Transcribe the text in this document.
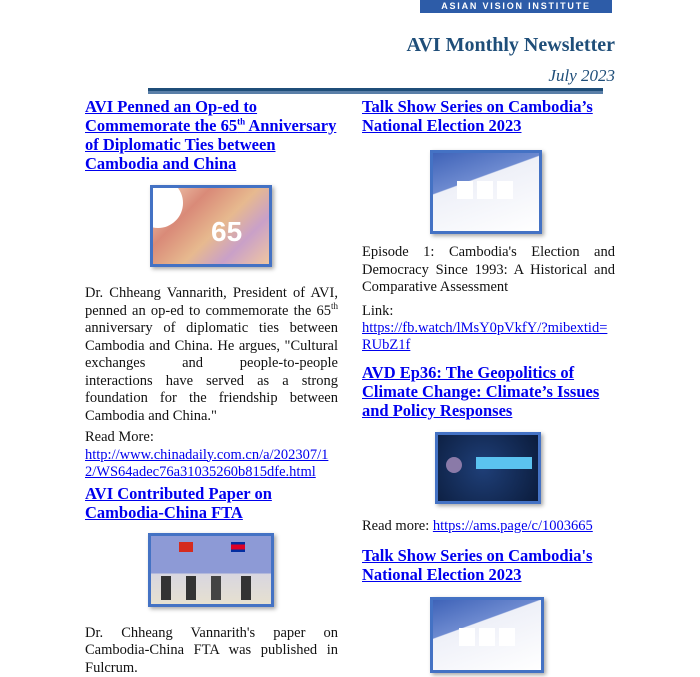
ASIAN VISION INSTITUTE
AVI Monthly Newsletter
July 2023
AVI Penned an Op-ed to Commemorate the 65th Anniversary of Diplomatic Ties between Cambodia and China
65
Dr. Chheang Vannarith, President of AVI, penned an op-ed to commemorate the 65th anniversary of diplomatic ties between Cambodia and China. He argues, "Cultural exchanges and people-to-people interactions have served as a strong foundation for the friendship between Cambodia and China."
Read More:
http://www.chinadaily.com.cn/a/202307/12/WS64adec76a31035260b815dfe.html
AVI Contributed Paper on Cambodia-China FTA
Dr. Chheang Vannarith's paper on Cambodia-China FTA was published in Fulcrum.
Talk Show Series on Cambodia’s National Election 2023
Episode 1: Cambodia's Election and Democracy Since 1993: A Historical and Comparative Assessment
Link:
https://fb.watch/lMsY0pVkfY/?mibextid=RUbZ1f
AVD Ep36: The Geopolitics of Climate Change: Climate’s Issues and Policy Responses
Read more: https://ams.page/c/1003665
Talk Show Series on Cambodia's National Election 2023
